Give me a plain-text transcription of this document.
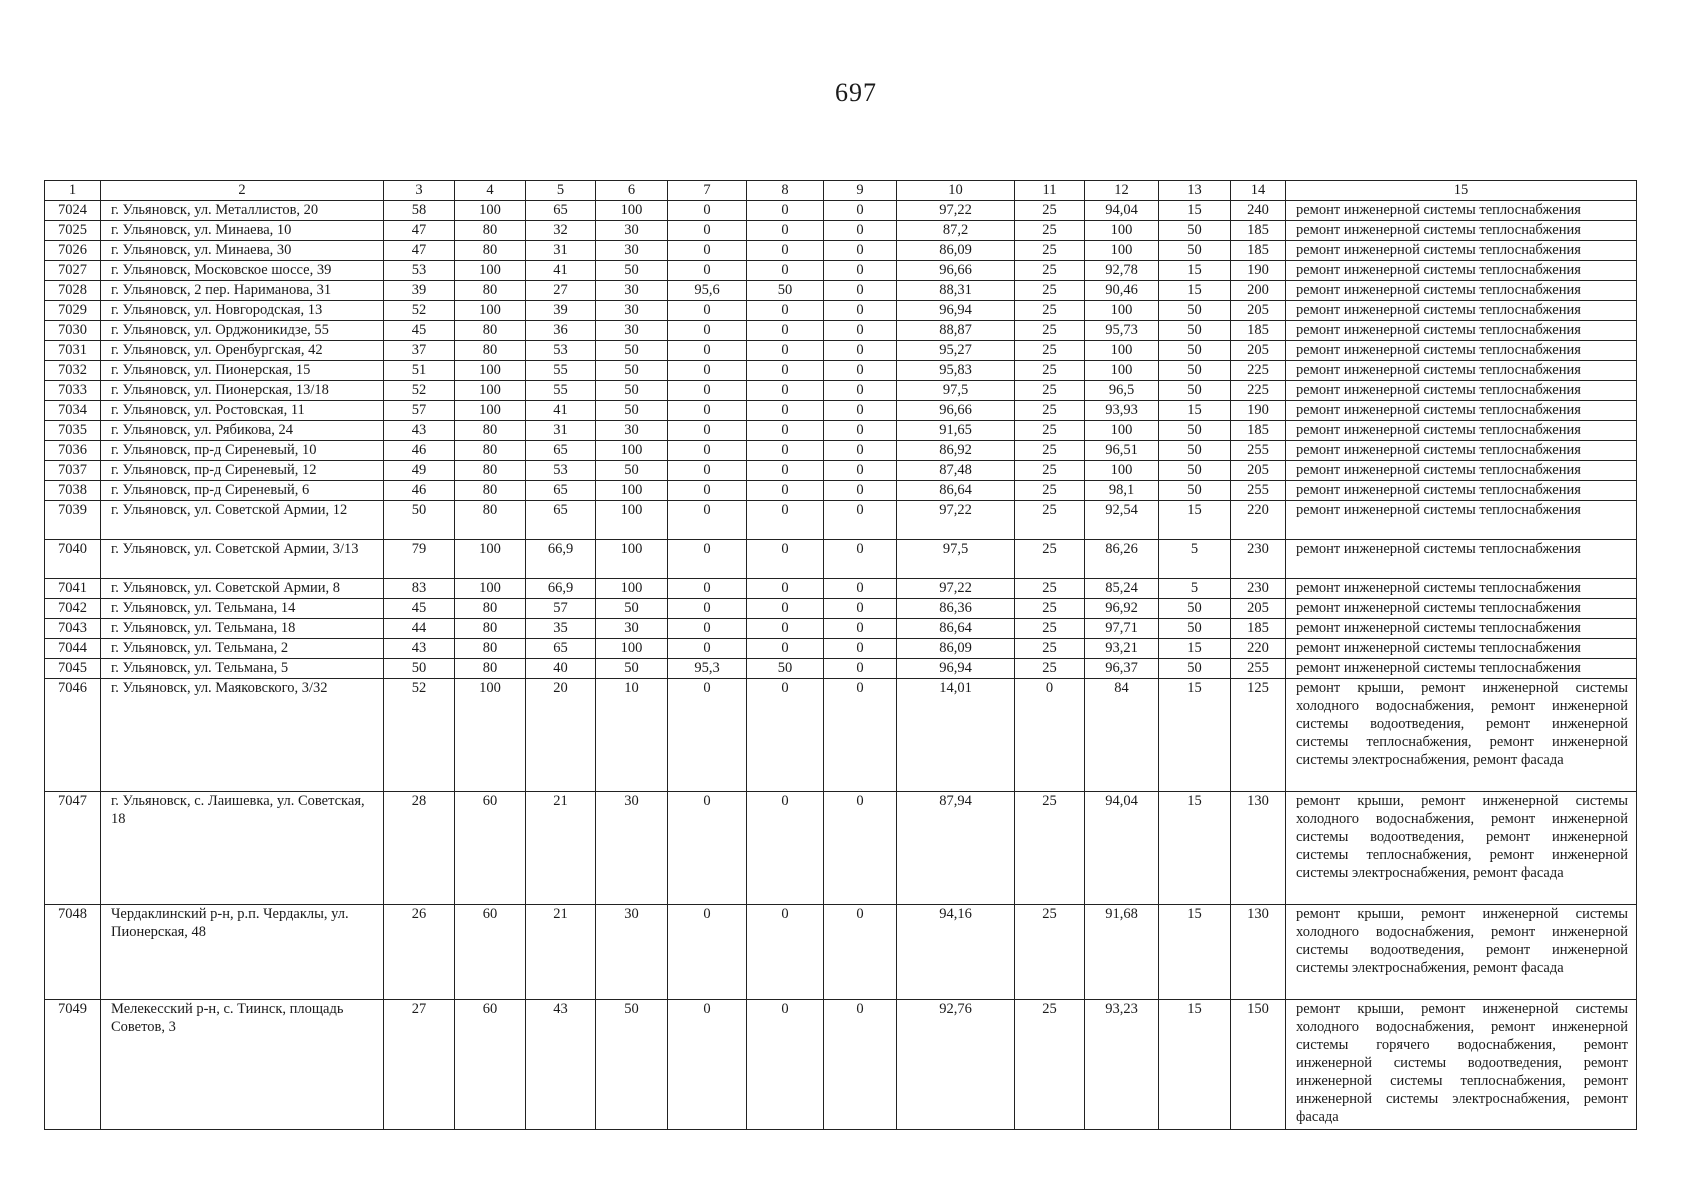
697
1	2	3	4	5	6	7	8	9	10	11	12	13	14	15
7024	г. Ульяновск, ул. Металлистов, 20	58	100	65	100	0	0	0	97,22	25	94,04	15	240	ремонт инженерной системы теплоснабжения
7025	г. Ульяновск, ул. Минаева, 10	47	80	32	30	0	0	0	87,2	25	100	50	185	ремонт инженерной системы теплоснабжения
7026	г. Ульяновск, ул. Минаева, 30	47	80	31	30	0	0	0	86,09	25	100	50	185	ремонт инженерной системы теплоснабжения
7027	г. Ульяновск, Московское шоссе, 39	53	100	41	50	0	0	0	96,66	25	92,78	15	190	ремонт инженерной системы теплоснабжения
7028	г. Ульяновск, 2 пер. Нариманова, 31	39	80	27	30	95,6	50	0	88,31	25	90,46	15	200	ремонт инженерной системы теплоснабжения
7029	г. Ульяновск, ул. Новгородская, 13	52	100	39	30	0	0	0	96,94	25	100	50	205	ремонт инженерной системы теплоснабжения
7030	г. Ульяновск, ул. Орджоникидзе, 55	45	80	36	30	0	0	0	88,87	25	95,73	50	185	ремонт инженерной системы теплоснабжения
7031	г. Ульяновск, ул. Оренбургская, 42	37	80	53	50	0	0	0	95,27	25	100	50	205	ремонт инженерной системы теплоснабжения
7032	г. Ульяновск, ул. Пионерская, 15	51	100	55	50	0	0	0	95,83	25	100	50	225	ремонт инженерной системы теплоснабжения
7033	г. Ульяновск, ул. Пионерская, 13/18	52	100	55	50	0	0	0	97,5	25	96,5	50	225	ремонт инженерной системы теплоснабжения
7034	г. Ульяновск, ул. Ростовская, 11	57	100	41	50	0	0	0	96,66	25	93,93	15	190	ремонт инженерной системы теплоснабжения
7035	г. Ульяновск, ул. Рябикова, 24	43	80	31	30	0	0	0	91,65	25	100	50	185	ремонт инженерной системы теплоснабжения
7036	г. Ульяновск, пр-д Сиреневый, 10	46	80	65	100	0	0	0	86,92	25	96,51	50	255	ремонт инженерной системы теплоснабжения
7037	г. Ульяновск, пр-д Сиреневый, 12	49	80	53	50	0	0	0	87,48	25	100	50	205	ремонт инженерной системы теплоснабжения
7038	г. Ульяновск, пр-д Сиреневый, 6	46	80	65	100	0	0	0	86,64	25	98,1	50	255	ремонт инженерной системы теплоснабжения
7039	г. Ульяновск, ул. Советской Армии, 12	50	80	65	100	0	0	0	97,22	25	92,54	15	220	ремонт инженерной системы теплоснабжения
7040	г. Ульяновск, ул. Советской Армии, 3/13	79	100	66,9	100	0	0	0	97,5	25	86,26	5	230	ремонт инженерной системы теплоснабжения
7041	г. Ульяновск, ул. Советской Армии, 8	83	100	66,9	100	0	0	0	97,22	25	85,24	5	230	ремонт инженерной системы теплоснабжения
7042	г. Ульяновск, ул. Тельмана, 14	45	80	57	50	0	0	0	86,36	25	96,92	50	205	ремонт инженерной системы теплоснабжения
7043	г. Ульяновск, ул. Тельмана, 18	44	80	35	30	0	0	0	86,64	25	97,71	50	185	ремонт инженерной системы теплоснабжения
7044	г. Ульяновск, ул. Тельмана, 2	43	80	65	100	0	0	0	86,09	25	93,21	15	220	ремонт инженерной системы теплоснабжения
7045	г. Ульяновск, ул. Тельмана, 5	50	80	40	50	95,3	50	0	96,94	25	96,37	50	255	ремонт инженерной системы теплоснабжения
7046	г. Ульяновск, ул. Маяковского, 3/32	52	100	20	10	0	0	0	14,01	0	84	15	125	ремонт крыши, ремонт инженерной системы холодного водоснабжения, ремонт инженерной системы водоотведения, ремонт инженерной системы теплоснабжения, ремонт инженерной системы электроснабжения, ремонт фасада
7047	г. Ульяновск, с. Лаишевка, ул. Советская, 18	28	60	21	30	0	0	0	87,94	25	94,04	15	130	ремонт крыши, ремонт инженерной системы холодного водоснабжения, ремонт инженерной системы водоотведения, ремонт инженерной системы теплоснабжения, ремонт инженерной системы электроснабжения, ремонт фасада
7048	Чердаклинский р-н, р.п. Чердаклы, ул. Пионерская, 48	26	60	21	30	0	0	0	94,16	25	91,68	15	130	ремонт крыши, ремонт инженерной системы холодного водоснабжения, ремонт инженерной системы водоотведения, ремонт инженерной системы электроснабжения, ремонт фасада
7049	Мелекесский р-н, с. Тиинск, площадь Советов, 3	27	60	43	50	0	0	0	92,76	25	93,23	15	150	ремонт крыши, ремонт инженерной системы холодного водоснабжения, ремонт инженерной системы горячего водоснабжения, ремонт инженерной системы водоотведения, ремонт инженерной системы теплоснабжения, ремонт инженерной системы электроснабжения, ремонт фасада
